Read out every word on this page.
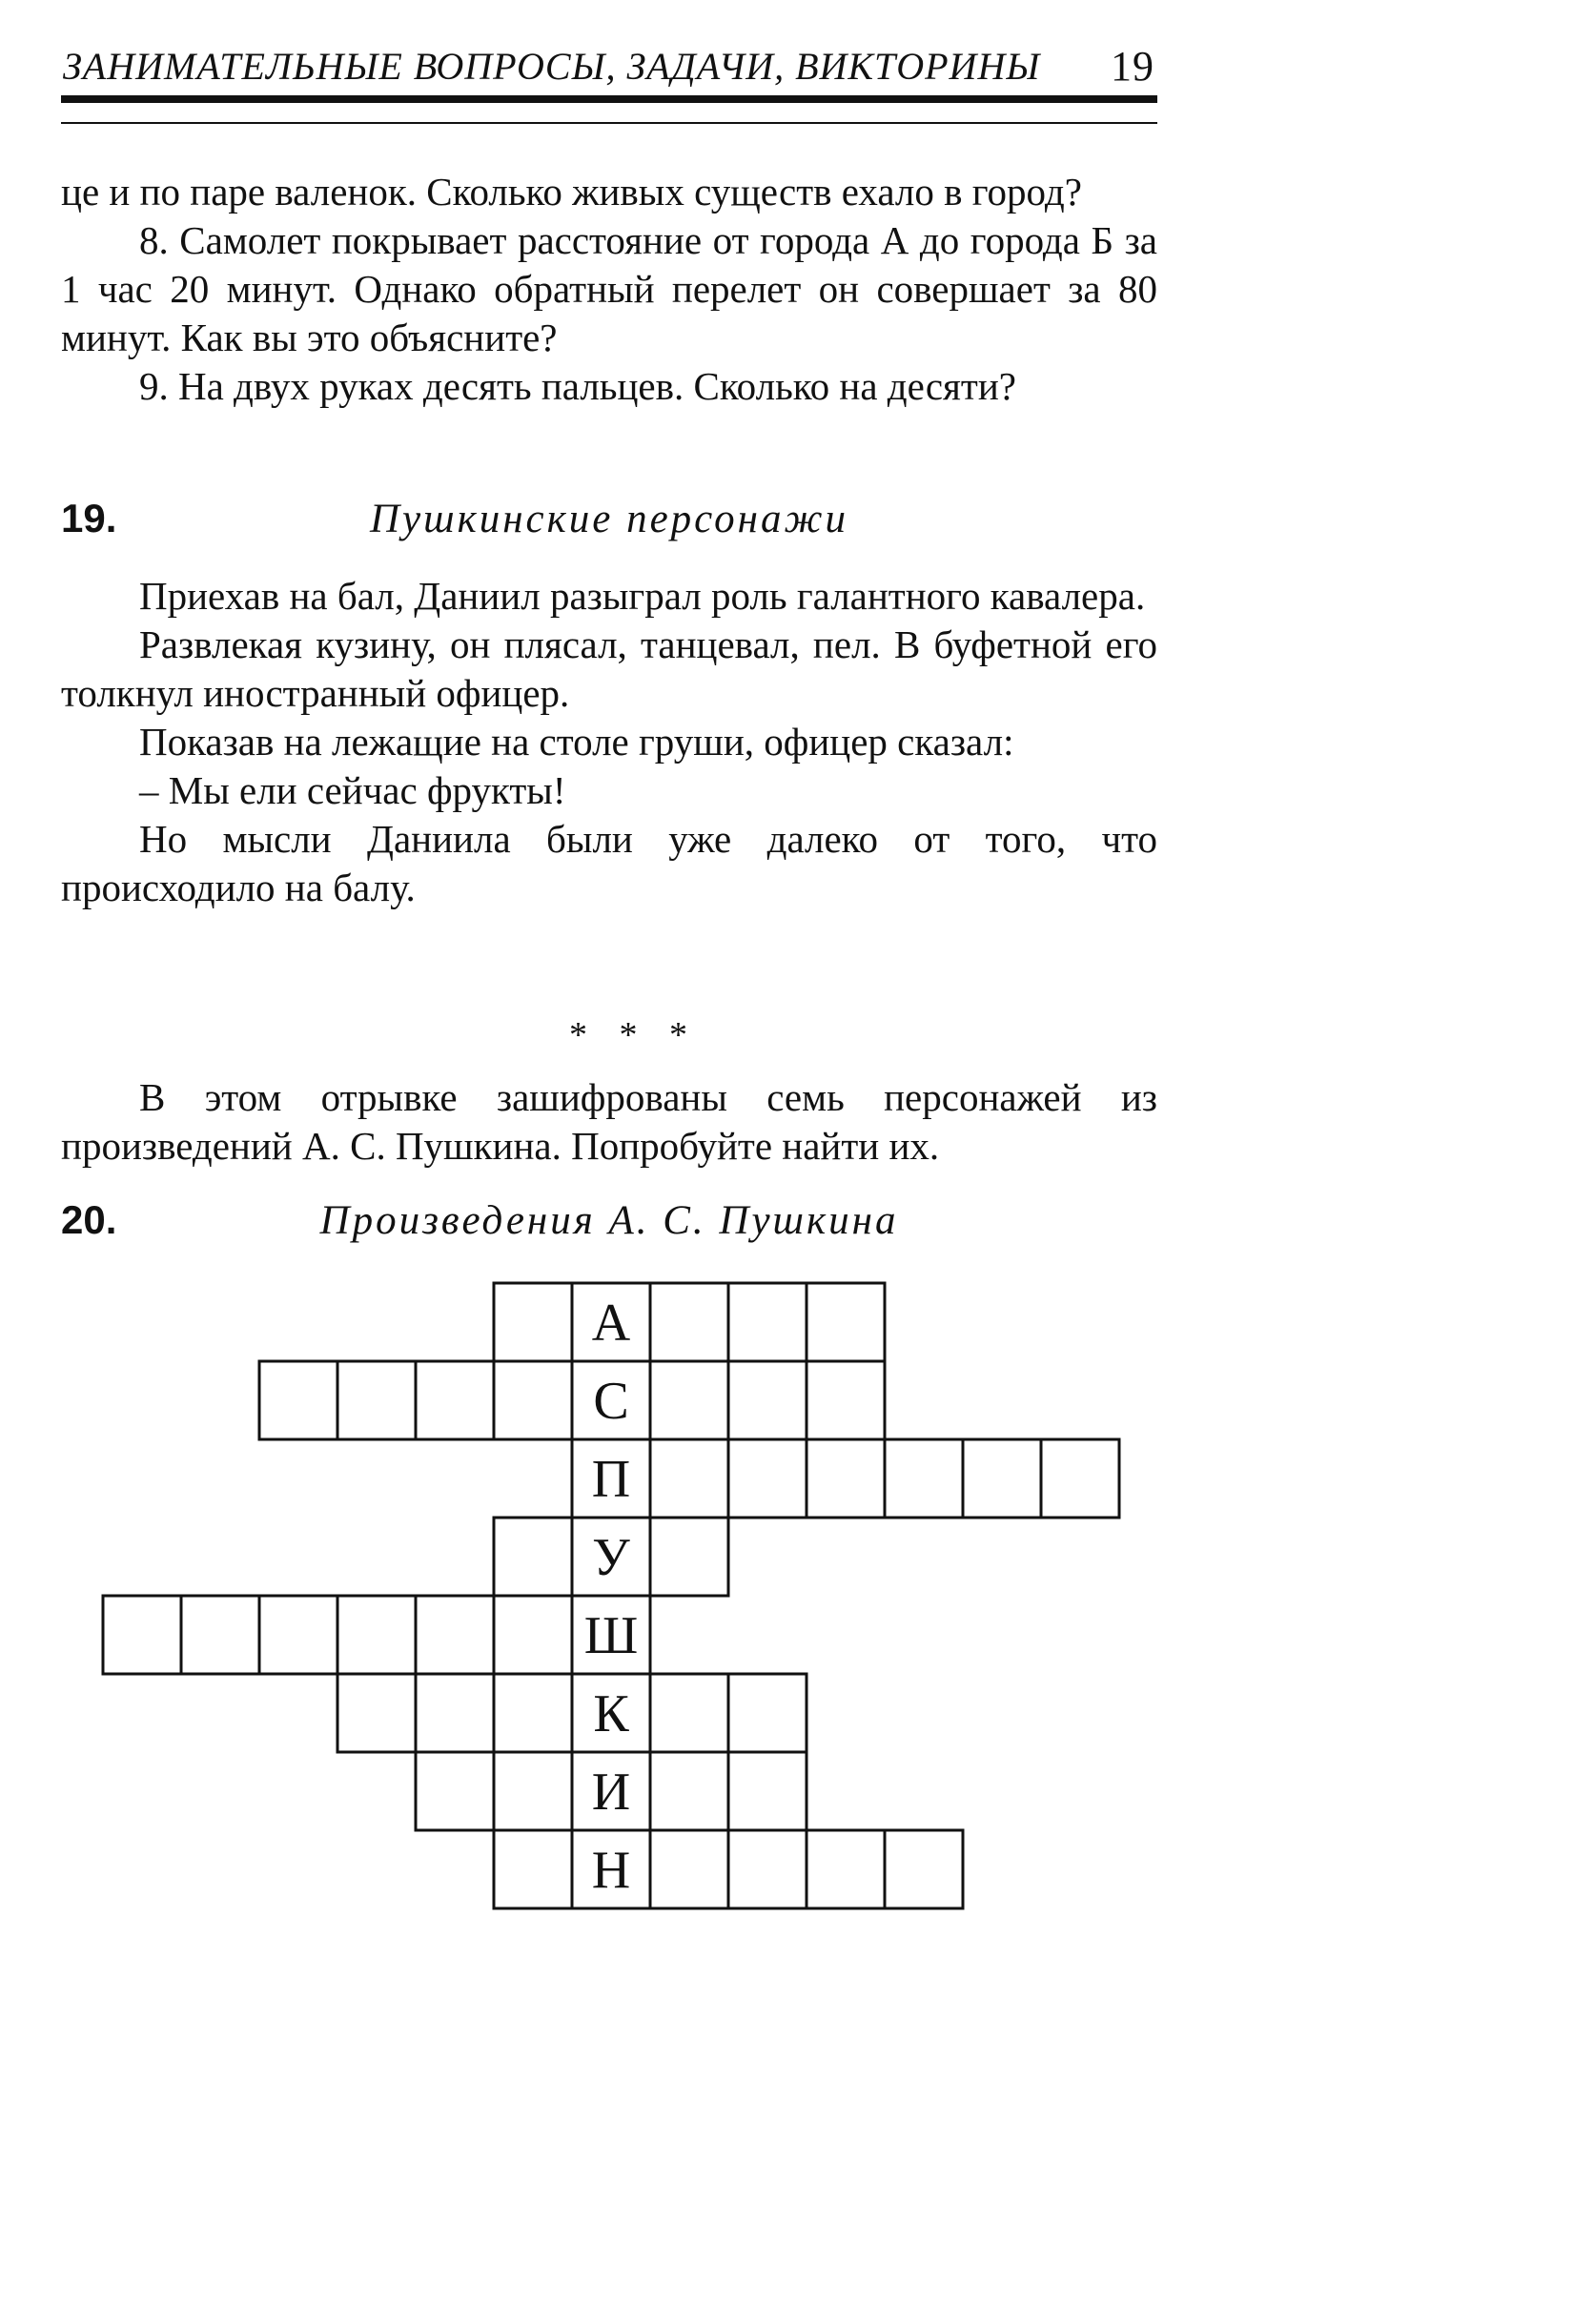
ЗАНИМАТЕЛЬНЫЕ ВОПРОСЫ, ЗАДАЧИ, ВИКТОРИНЫ 19

це и по паре валенок. Сколько живых существ ехало в город?

8. Самолет покрывает расстояние от города А до города Б за 1 час 20 минут. Однако обратный перелет он совершает за 80 минут. Как вы это объясните?

9. На двух руках десять пальцев. Сколько на десяти?

19.	Пушкинские персонажи

Приехав на бал, Даниил разыграл роль галантного кавалера.

Развлекая кузину, он плясал, танцевал, пел. В буфетной его толкнул иностранный офицер.

Показав на лежащие на столе груши, офицер сказал:

– Мы ели сейчас фрукты!

Но мысли Даниила были уже далеко от того, что происходило на балу.

* * *

В этом отрывке зашифрованы семь персонажей из произведений А. С. Пушкина. Попробуйте найти их.

20.	Произведения А. С. Пушкина
А
С
П
У
Ш
К
И
Н
